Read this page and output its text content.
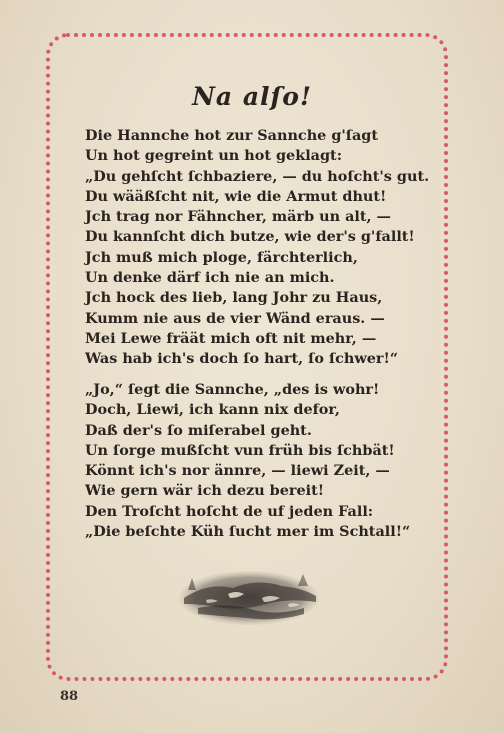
Na alſo!
Die Hannche hot zur Sannche g'ſagt
Un hot gegreint un hot geklagt:
„Du gehſcht ſchbaziere, — du hoſcht's gut.
Du wääßſcht nit, wie die Armut dhut!
Jch trag nor Fähncher, märb un alt, —
Du kannſcht dich butze, wie der's g'fallt!
Jch muß mich ploge, färchterlich,
Un denke därf ich nie an mich.
Jch hock des lieb, lang Johr zu Haus,
Kumm nie aus de vier Wänd eraus. —
Mei Lewe fräät mich oft nit mehr, —
Was hab ich's doch ſo hart, ſo ſchwer!“
„Jo,“ ſegt die Sannche, „des is wohr!
Doch, Liewi, ich kann nix defor,
Daß der's ſo miſerabel geht.
Un ſorge mußſcht vun früh bis ſchbät!
Könnt ich's nor ännre, — liewi Zeit, —
Wie gern wär ich dezu bereit!
Den Troſcht hoſcht de uf jeden Fall:
„Die beſchte Küh ſucht mer im Schtall!“
88
